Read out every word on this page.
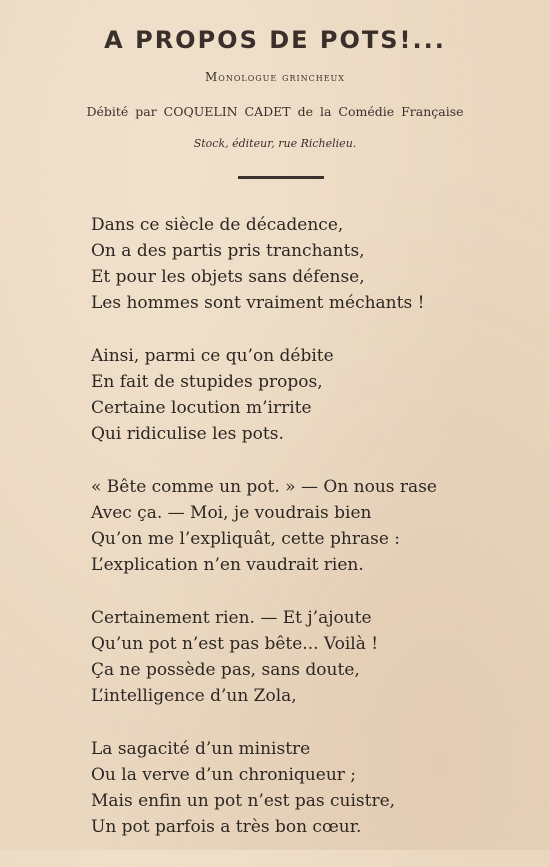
A PROPOS DE POTS!...
Monologue grincheux
Débité par COQUELIN CADET de la Comédie Française
Stock, éditeur, rue Richelieu.
Dans ce siècle de décadence,
On a des partis pris tranchants,
Et pour les objets sans défense,
Les hommes sont vraiment méchants !
Ainsi, parmi ce qu’on débite
En fait de stupides propos,
Certaine locution m’irrite
Qui ridiculise les pots.
« Bête comme un pot. » — On nous rase
Avec ça. — Moi, je voudrais bien
Qu’on me l’expliquât, cette phrase :
L’explication n’en vaudrait rien.
Certainement rien. — Et j’ajoute
Qu’un pot n’est pas bête... Voilà !
Ça ne possède pas, sans doute,
L’intelligence d’un Zola,
La sagacité d’un ministre
Ou la verve d’un chroniqueur ;
Mais enfin un pot n’est pas cuistre,
Un pot parfois a très bon cœur.
